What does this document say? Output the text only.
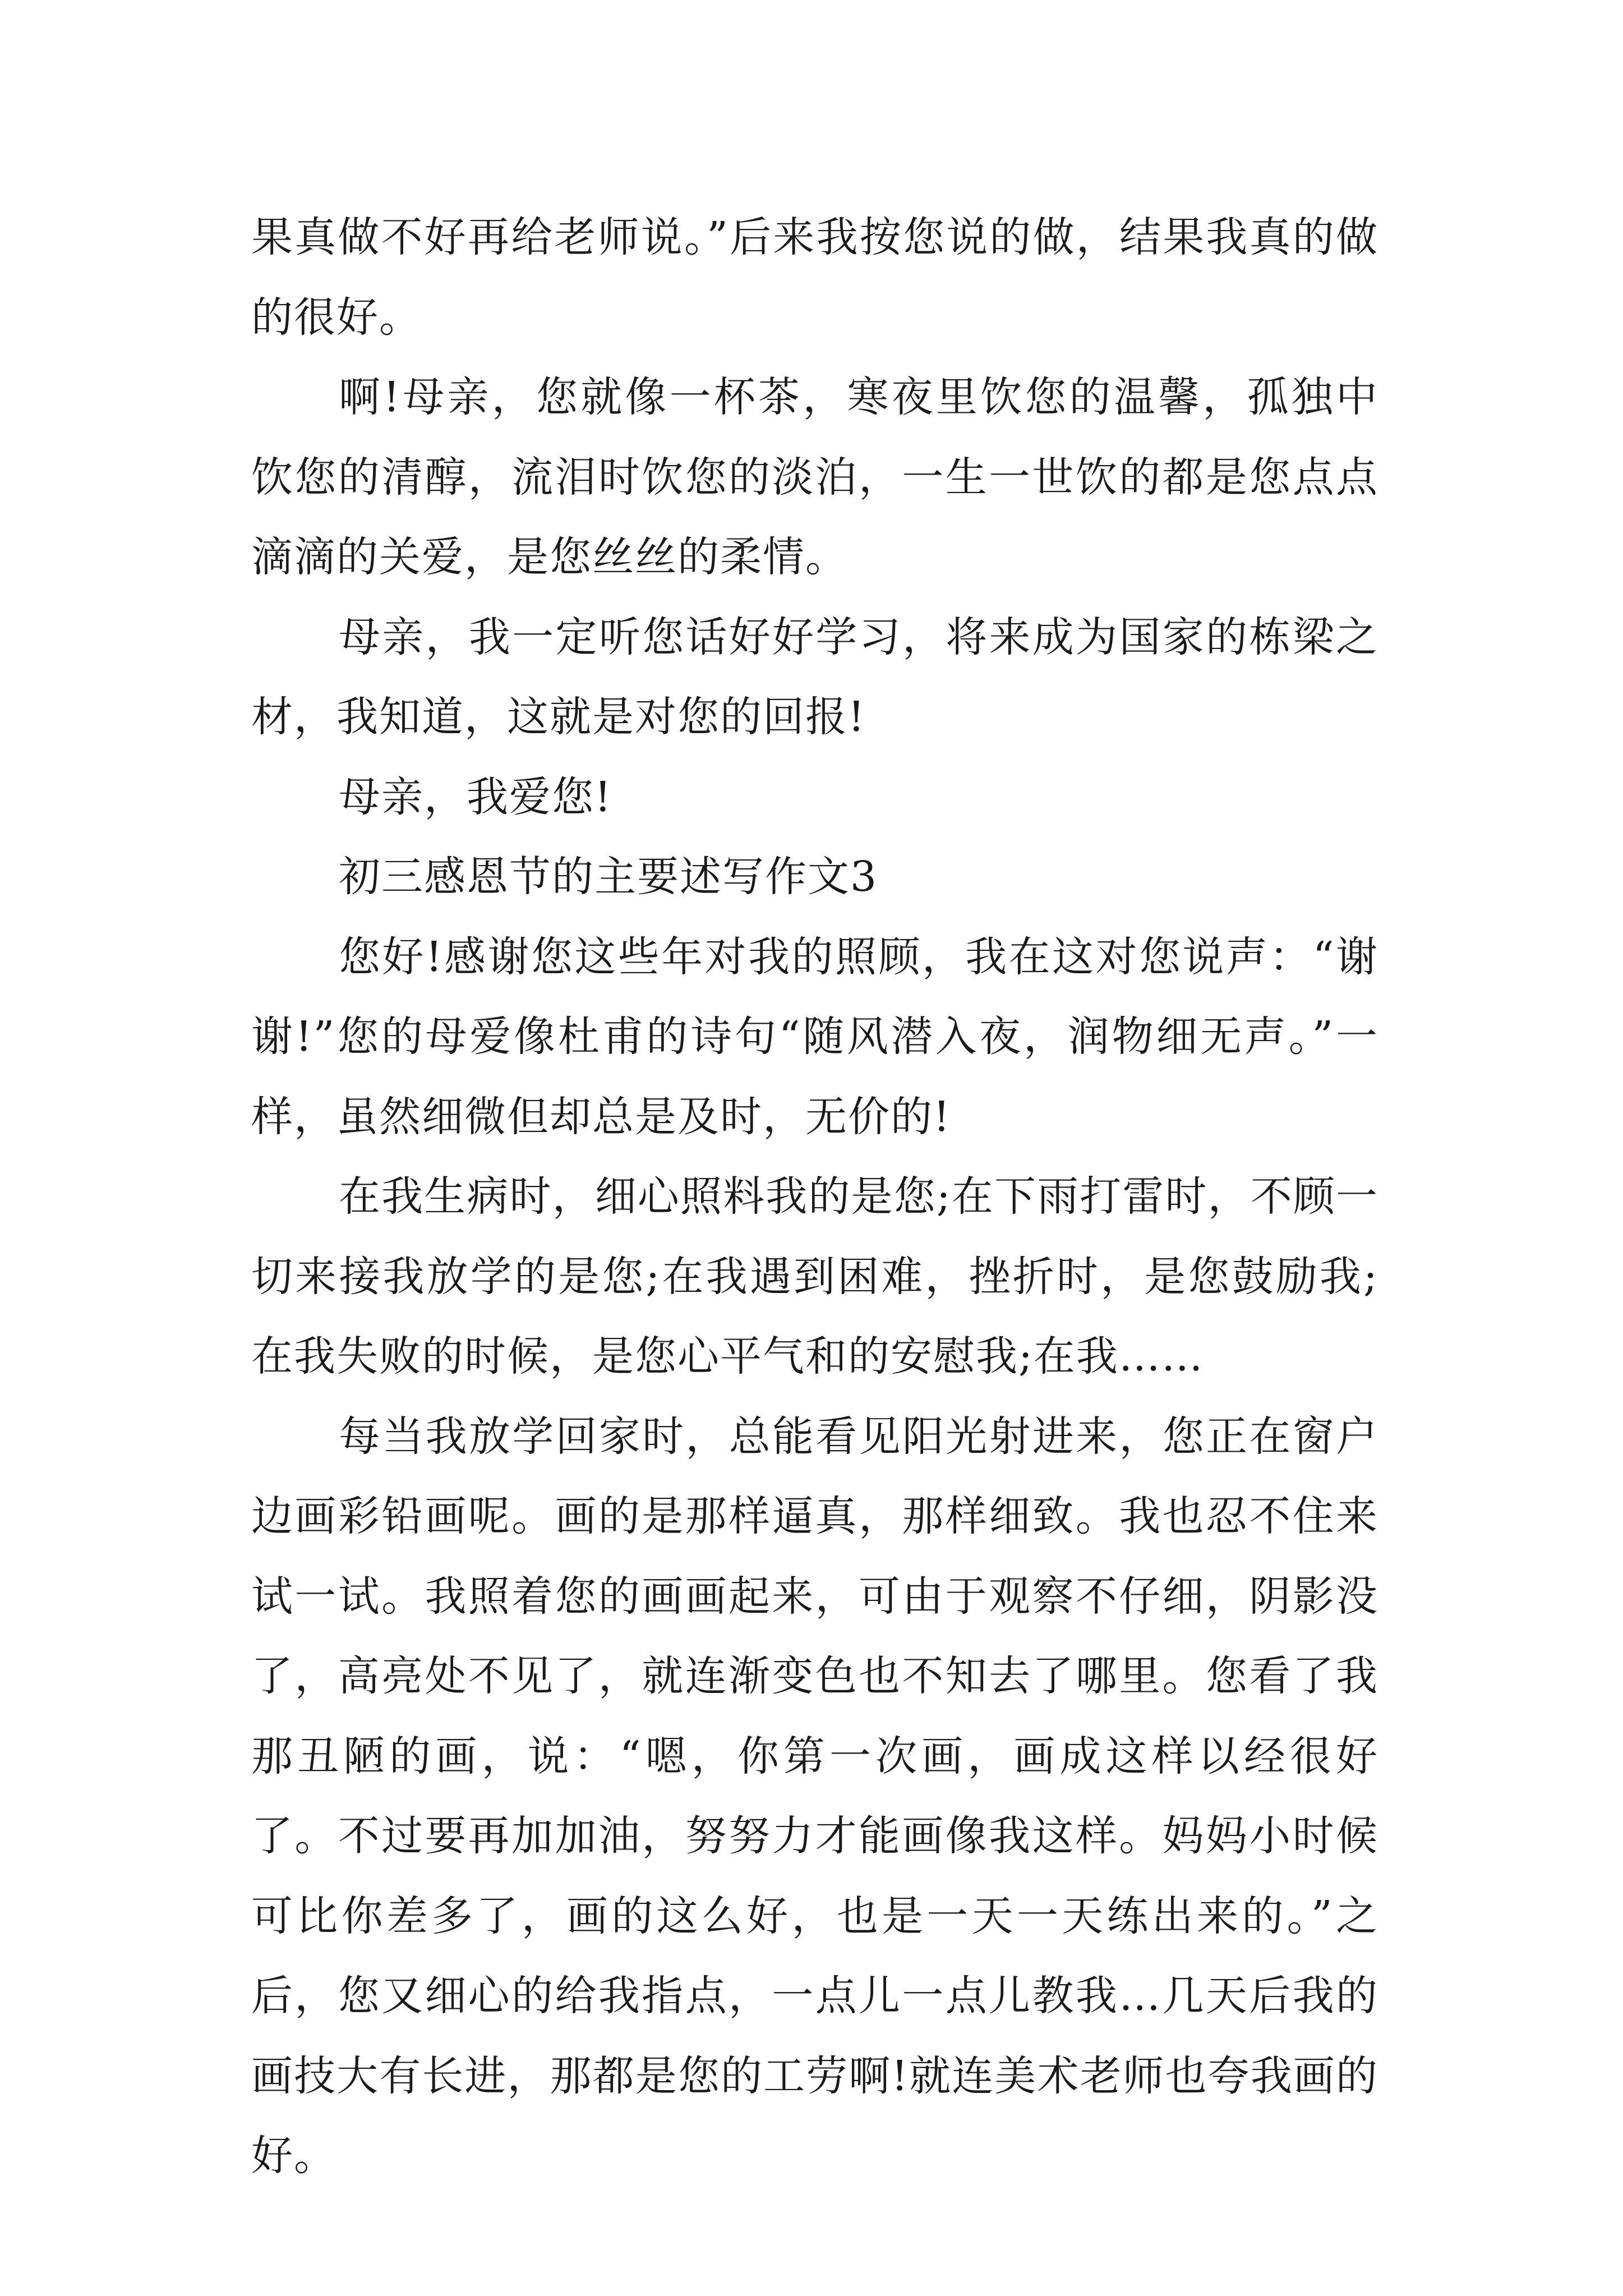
果真做不好再给老师说。”后来我按您说的做，结果我真的做的很好。

啊!母亲，您就像一杯茶，寒夜里饮您的温馨，孤独中饮您的清醇，流泪时饮您的淡泊，一生一世饮的都是您点点滴滴的关爱，是您丝丝的柔情。

母亲，我一定听您话好好学习，将来成为国家的栋梁之材，我知道，这就是对您的回报!

母亲，我爱您!

初三感恩节的主要述写作文3

您好!感谢您这些年对我的照顾，我在这对您说声：“谢谢!”您的母爱像杜甫的诗句“随风潜入夜，润物细无声。”一样，虽然细微但却总是及时，无价的!

在我生病时，细心照料我的是您;在下雨打雷时，不顾一切来接我放学的是您;在我遇到困难，挫折时，是您鼓励我;在我失败的时候，是您心平气和的安慰我;在我……

每当我放学回家时，总能看见阳光射进来，您正在窗户边画彩铅画呢。画的是那样逼真，那样细致。我也忍不住来试一试。我照着您的画画起来，可由于观察不仔细，阴影没了，高亮处不见了，就连渐变色也不知去了哪里。您看了我那丑陋的画，说：“嗯，你第一次画，画成这样以经很好了。不过要再加加油，努努力才能画像我这样。妈妈小时候可比你差多了，画的这么好，也是一天一天练出来的。”之后，您又细心的给我指点，一点儿一点儿教我…几天后我的画技大有长进，那都是您的工劳啊!就连美术老师也夸我画的好。
